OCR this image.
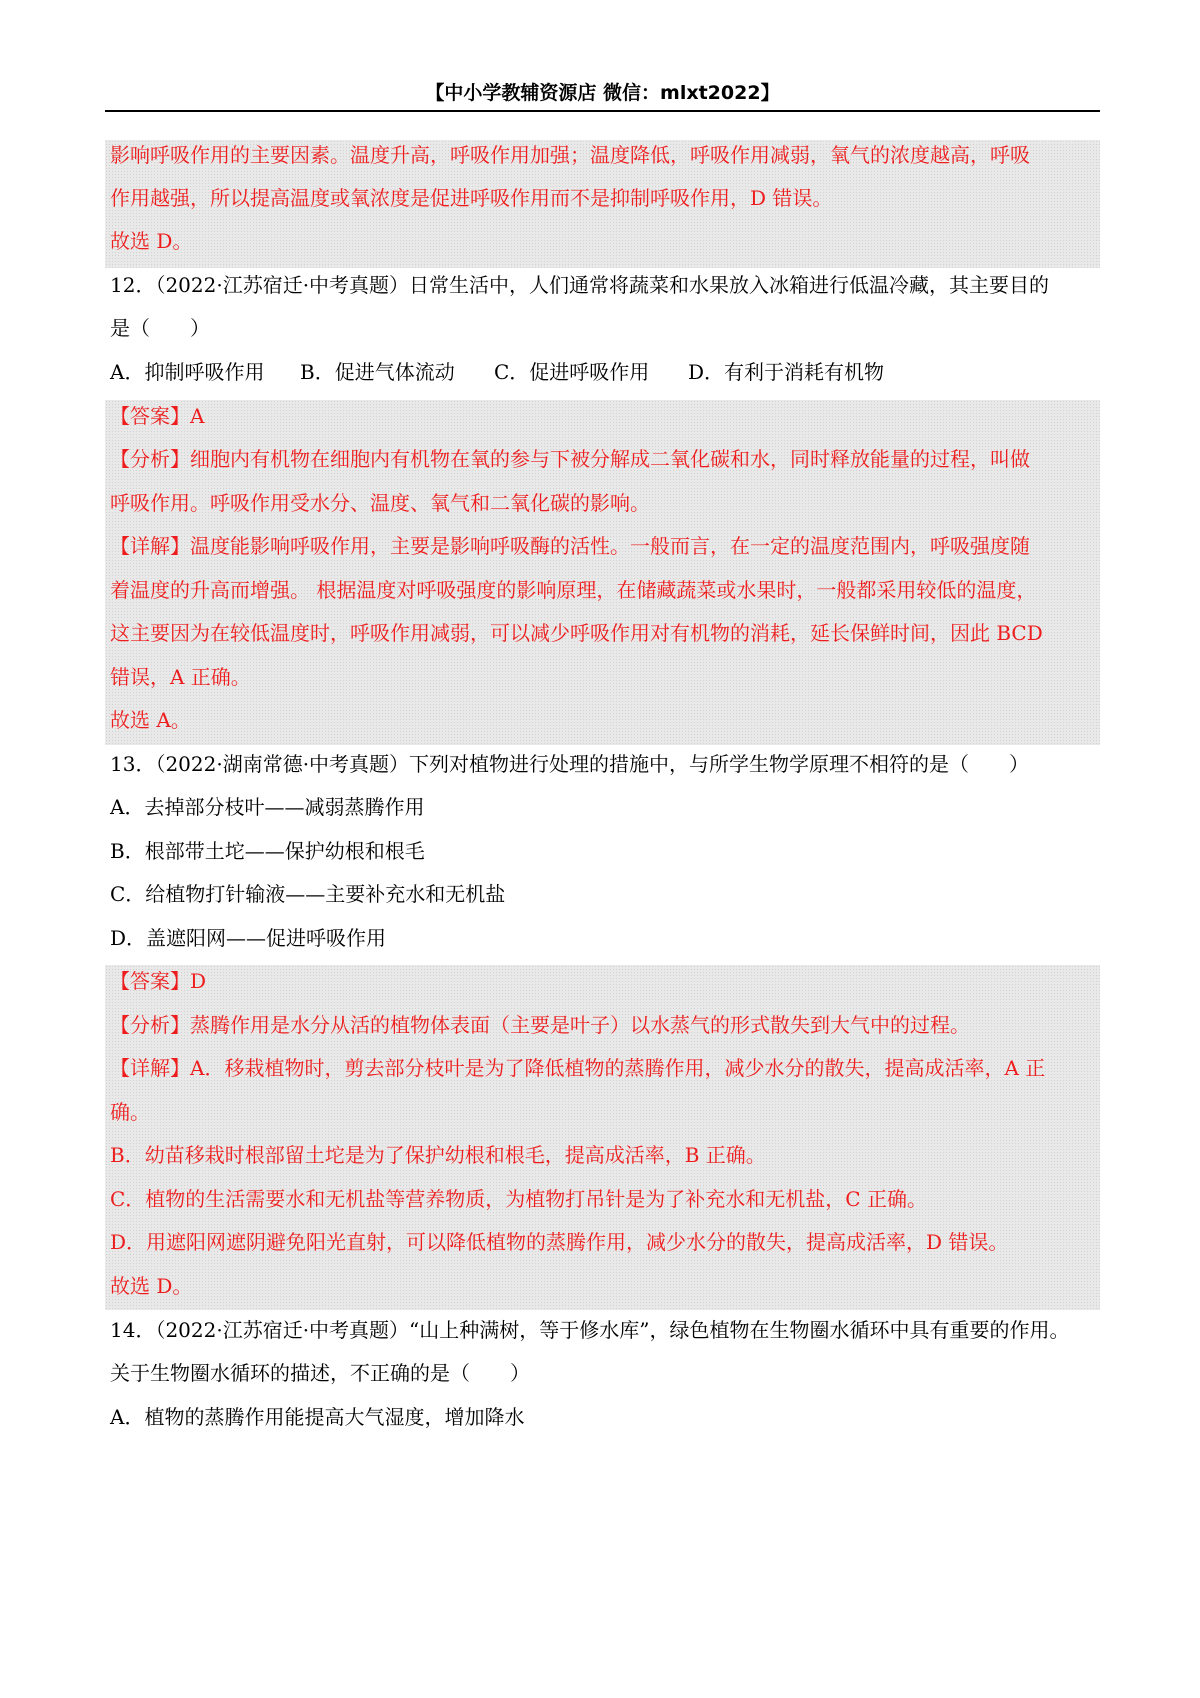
【中小学教辅资源店 微信：mlxt2022】
影响呼吸作用的主要因素。温度升高，呼吸作用加强；温度降低，呼吸作用减弱，氧气的浓度越高，呼吸
作用越强，所以提高温度或氧浓度是促进呼吸作用而不是抑制呼吸作用，D 错误。
故选 D。
12．（2022·江苏宿迁·中考真题）日常生活中，人们通常将蔬菜和水果放入冰箱进行低温冷藏，其主要目的
是（　　）
A．抑制呼吸作用	B．促进气体流动	C．促进呼吸作用	D．有利于消耗有机物
【答案】A
【分析】细胞内有机物在细胞内有机物在氧的参与下被分解成二氧化碳和水，同时释放能量的过程，叫做
呼吸作用。呼吸作用受水分、温度、氧气和二氧化碳的影响。
【详解】温度能影响呼吸作用，主要是影响呼吸酶的活性。一般而言，在一定的温度范围内，呼吸强度随
着温度的升高而增强。 根据温度对呼吸强度的影响原理，在储藏蔬菜或水果时，一般都采用较低的温度，
这主要因为在较低温度时，呼吸作用减弱，可以减少呼吸作用对有机物的消耗，延长保鲜时间，因此 BCD
错误，A 正确。
故选 A。
13．（2022·湖南常德·中考真题）下列对植物进行处理的措施中，与所学生物学原理不相符的是（　　）
A．去掉部分枝叶——减弱蒸腾作用
B．根部带土坨——保护幼根和根毛
C．给植物打针输液——主要补充水和无机盐
D．盖遮阳网——促进呼吸作用
【答案】D
【分析】蒸腾作用是水分从活的植物体表面（主要是叶子）以水蒸气的形式散失到大气中的过程。
【详解】A．移栽植物时，剪去部分枝叶是为了降低植物的蒸腾作用，减少水分的散失，提高成活率，A 正
确。
B．幼苗移栽时根部留土坨是为了保护幼根和根毛，提高成活率，B 正确。
C．植物的生活需要水和无机盐等营养物质，为植物打吊针是为了补充水和无机盐，C 正确。
D．用遮阳网遮阴避免阳光直射，可以降低植物的蒸腾作用，减少水分的散失，提高成活率，D 错误。
故选 D。
14．（2022·江苏宿迁·中考真题）“山上种满树，等于修水库”，绿色植物在生物圈水循环中具有重要的作用。
关于生物圈水循环的描述，不正确的是（　　）
A．植物的蒸腾作用能提高大气湿度，增加降水
